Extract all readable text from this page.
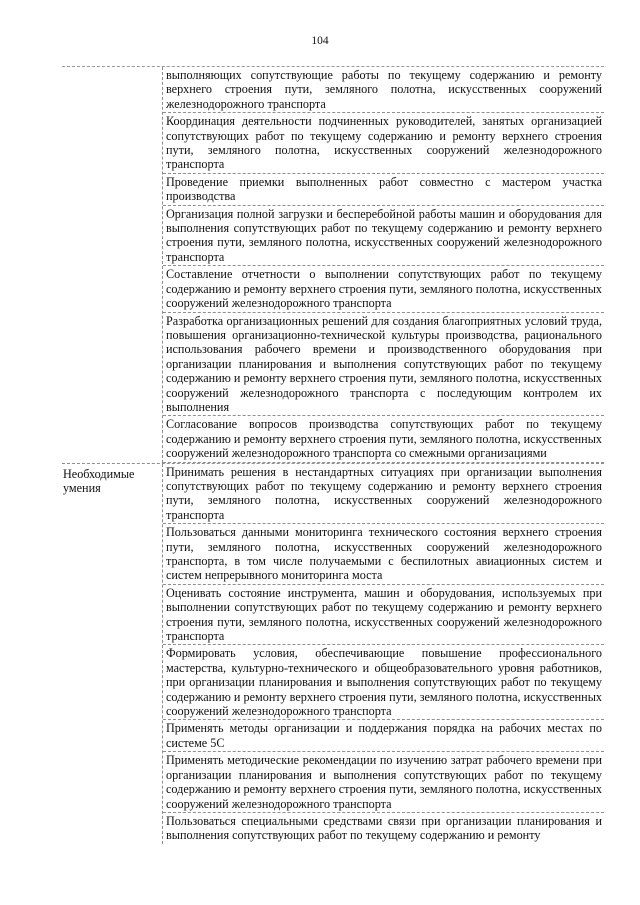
104
выполняющих сопутствующие работы по текущему содержанию и ремонту верхнего строения пути, земляного полотна, искусственных сооружений железнодорожного транспорта
Координация деятельности подчиненных руководителей, занятых организацией сопутствующих работ по текущему содержанию и ремонту верхнего строения пути, земляного полотна, искусственных сооружений железнодорожного транспорта
Проведение приемки выполненных работ совместно с мастером участка производства
Организация полной загрузки и бесперебойной работы машин и оборудования для выполнения сопутствующих работ по текущему содержанию и ремонту верхнего строения пути, земляного полотна, искусственных сооружений железнодорожного транспорта
Составление отчетности о выполнении сопутствующих работ по текущему содержанию и ремонту верхнего строения пути, земляного полотна, искусственных сооружений железнодорожного транспорта
Разработка организационных решений для создания благоприятных условий труда, повышения организационно-технической культуры производства, рационального использования рабочего времени и производственного оборудования при организации планирования и выполнения сопутствующих работ по текущему содержанию и ремонту верхнего строения пути, земляного полотна, искусственных сооружений железнодорожного транспорта с последующим контролем их выполнения
Согласование вопросов производства сопутствующих работ по текущему содержанию и ремонту верхнего строения пути, земляного полотна, искусственных сооружений железнодорожного транспорта со смежными организациями
Необходимые умения
Принимать решения в нестандартных ситуациях при организации выполнения сопутствующих работ по текущему содержанию и ремонту верхнего строения пути, земляного полотна, искусственных сооружений железнодорожного транспорта
Пользоваться данными мониторинга технического состояния верхнего строения пути, земляного полотна, искусственных сооружений железнодорожного транспорта, в том числе получаемыми с беспилотных авиационных систем и систем непрерывного мониторинга моста
Оценивать состояние инструмента, машин и оборудования, используемых при выполнении сопутствующих работ по текущему содержанию и ремонту верхнего строения пути, земляного полотна, искусственных сооружений железнодорожного транспорта
Формировать условия, обеспечивающие повышение профессионального мастерства, культурно-технического и общеобразовательного уровня работников, при организации планирования и выполнения сопутствующих работ по текущему содержанию и ремонту верхнего строения пути, земляного полотна, искусственных сооружений железнодорожного транспорта
Применять методы организации и поддержания порядка на рабочих местах по системе 5С
Применять методические рекомендации по изучению затрат рабочего времени при организации планирования и выполнения сопутствующих работ по текущему содержанию и ремонту верхнего строения пути, земляного полотна, искусственных сооружений железнодорожного транспорта
Пользоваться специальными средствами связи при организации планирования и выполнения сопутствующих работ по текущему содержанию и ремонту
